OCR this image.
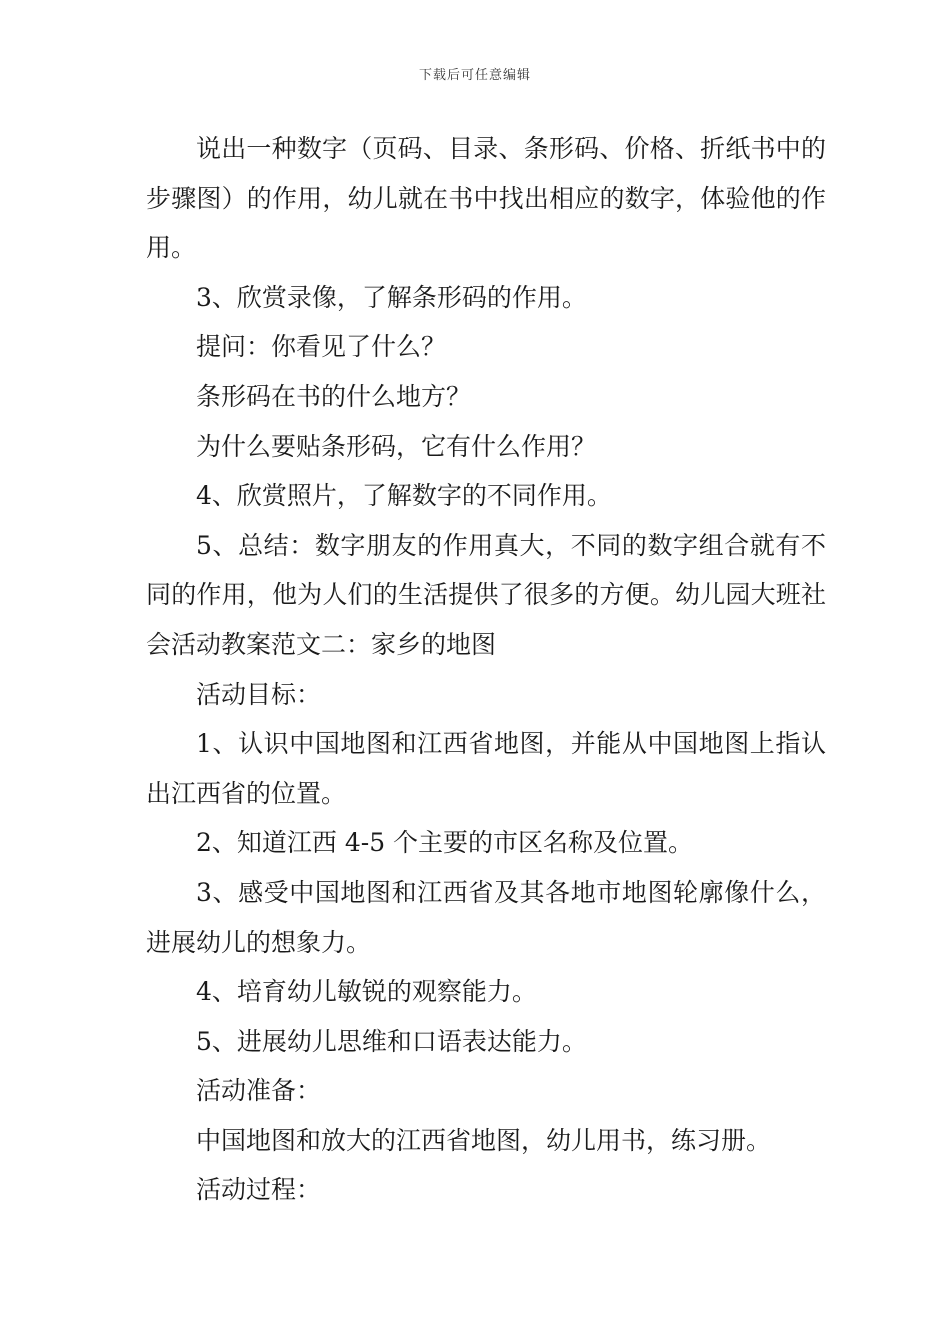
下载后可任意编辑

说出一种数字（页码、目录、条形码、价格、折纸书中的步骤图）的作用，幼儿就在书中找出相应的数字，体验他的作用。

3、欣赏录像，了解条形码的作用。

提问：你看见了什么？

条形码在书的什么地方？

为什么要贴条形码，它有什么作用？

4、欣赏照片，了解数字的不同作用。

5、总结：数字朋友的作用真大，不同的数字组合就有不同的作用，他为人们的生活提供了很多的方便。幼儿园大班社会活动教案范文二：家乡的地图

活动目标：

1、认识中国地图和江西省地图，并能从中国地图上指认出江西省的位置。

2、知道江西 4-5 个主要的市区名称及位置。

3、感受中国地图和江西省及其各地市地图轮廓像什么，进展幼儿的想象力。

4、培育幼儿敏锐的观察能力。

5、进展幼儿思维和口语表达能力。

活动准备：

中国地图和放大的江西省地图，幼儿用书，练习册。

活动过程：
